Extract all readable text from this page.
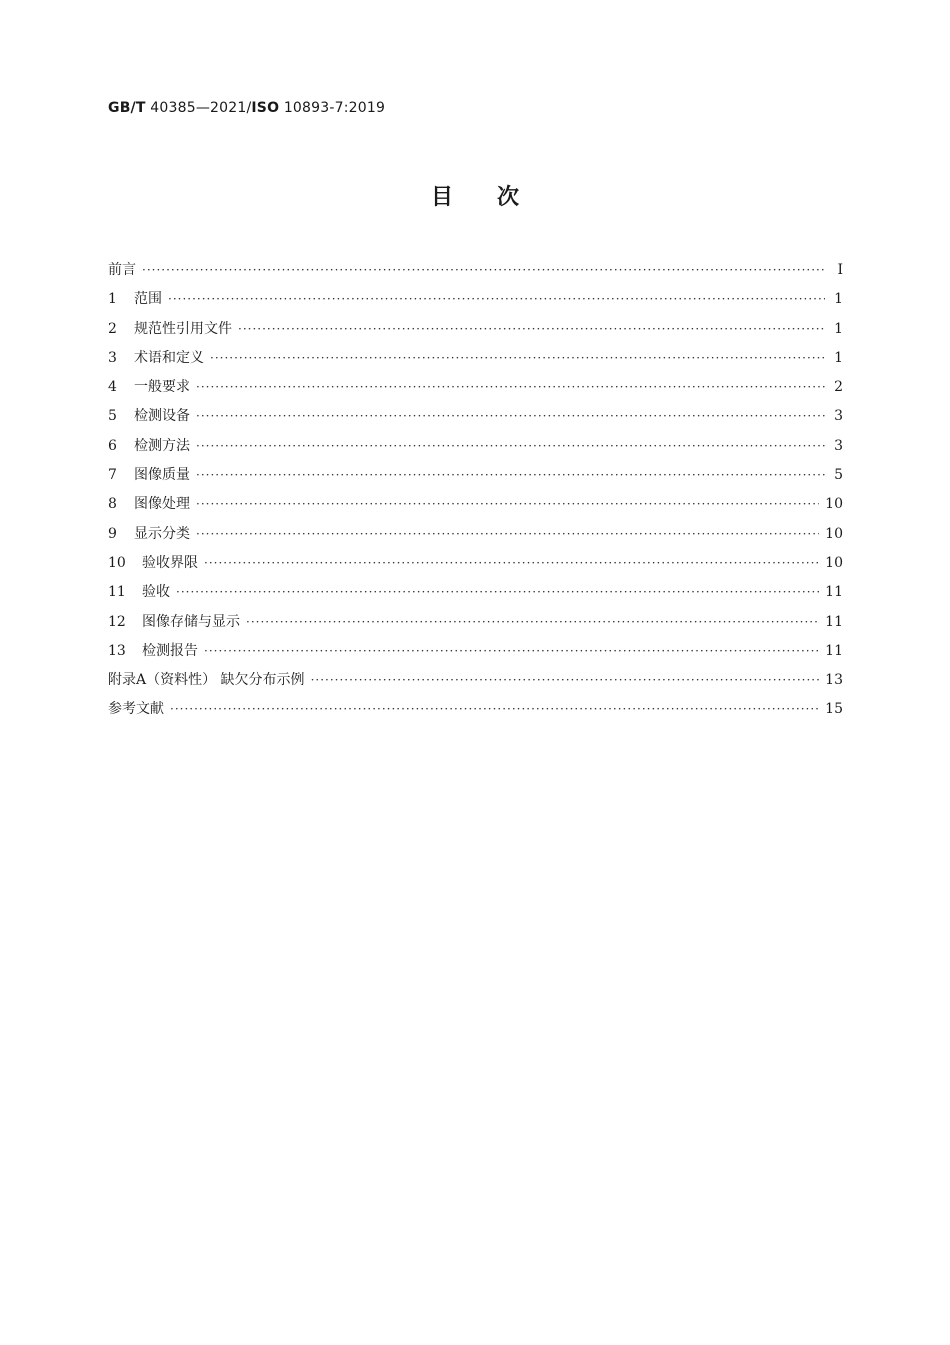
GB/T 40385—2021/ISO 10893-7:2019
目次
前言 ·····	Ⅰ
1	范围 ·····	1
2	规范性引用文件 ·····	1
3	术语和定义 ·····	1
4	一般要求 ·····	2
5	检测设备 ·····	3
6	检测方法 ·····	3
7	图像质量 ·····	5
8	图像处理 ·····	10
9	显示分类 ·····	10
10	验收界限 ·····	10
11	验收 ·····	11
12	图像存储与显示 ·····	11
13	检测报告 ·····	11
附录A（资料性） 缺欠分布示例 ·····	13
参考文献 ·····	15
